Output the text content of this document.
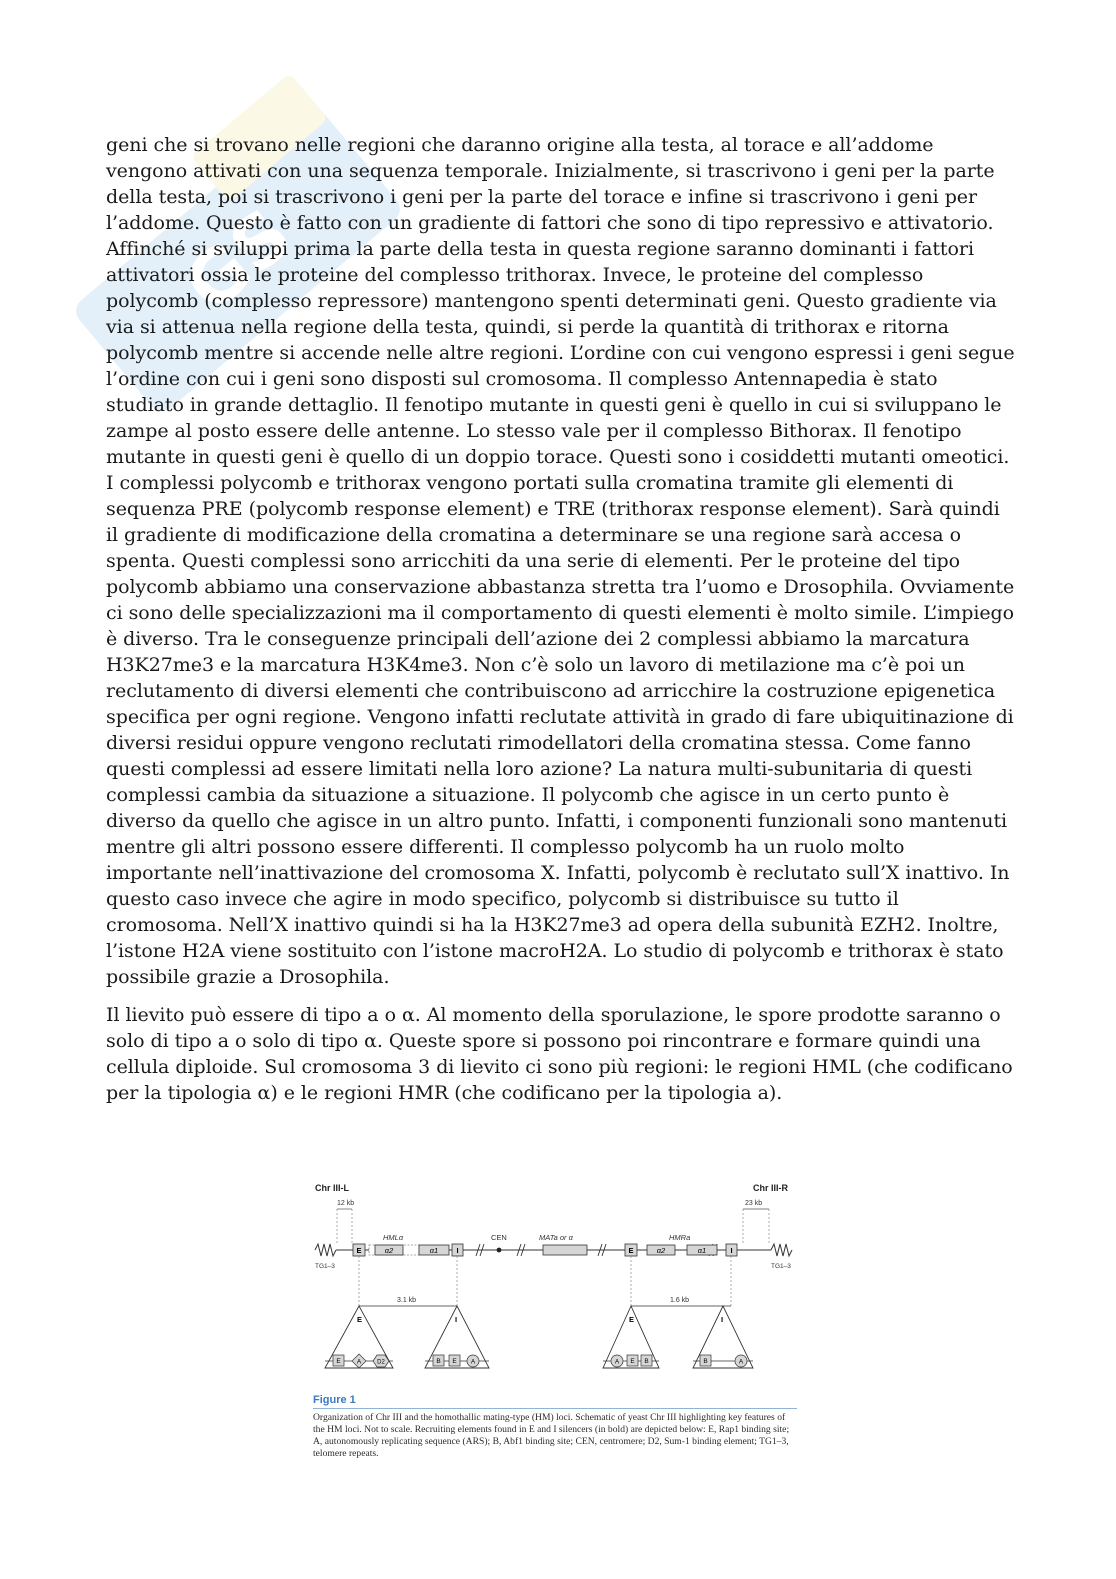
GS

geni che si trovano nelle regioni che daranno origine alla testa, al torace e all’addome vengono attivati con una sequenza temporale. Inizialmente, si trascrivono i geni per la parte della testa, poi si trascrivono i geni per la parte del torace e infine si trascrivono i geni per l’addome. Questo è fatto con un gradiente di fattori che sono di tipo repressivo e attivatorio. Affinché si sviluppi prima la parte della testa in questa regione saranno dominanti i fattori attivatori ossia le proteine del complesso trithorax. Invece, le proteine del complesso polycomb (complesso repressore) mantengono spenti determinati geni. Questo gradiente via via si attenua nella regione della testa, quindi, si perde la quantità di trithorax e ritorna polycomb mentre si accende nelle altre regioni. L’ordine con cui vengono espressi i geni segue l’ordine con cui i geni sono disposti sul cromosoma. Il complesso Antennapedia è stato studiato in grande dettaglio. Il fenotipo mutante in questi geni è quello in cui si sviluppano le zampe al posto essere delle antenne. Lo stesso vale per il complesso Bithorax. Il fenotipo mutante in questi geni è quello di un doppio torace. Questi sono i cosiddetti mutanti omeotici. I complessi polycomb e trithorax vengono portati sulla cromatina tramite gli elementi di sequenza PRE (polycomb response element) e TRE (trithorax response element). Sarà quindi il gradiente di modificazione della cromatina a determinare se una regione sarà accesa o spenta. Questi complessi sono arricchiti da una serie di elementi. Per le proteine del tipo polycomb abbiamo una conservazione abbastanza stretta tra l’uomo e Drosophila. Ovviamente ci sono delle specializzazioni ma il comportamento di questi elementi è molto simile. L’impiego è diverso. Tra le conseguenze principali dell’azione dei 2 complessi abbiamo la marcatura H3K27me3 e la marcatura H3K4me3. Non c’è solo un lavoro di metilazione ma c’è poi un reclutamento di diversi elementi che contribuiscono ad arricchire la costruzione epigenetica specifica per ogni regione. Vengono infatti reclutate attività in grado di fare ubiquitinazione di diversi residui oppure vengono reclutati rimodellatori della cromatina stessa. Come fanno questi complessi ad essere limitati nella loro azione? La natura multi-subunitaria di questi complessi cambia da situazione a situazione. Il polycomb che agisce in un certo punto è diverso da quello che agisce in un altro punto. Infatti, i componenti funzionali sono mantenuti mentre gli altri possono essere differenti. Il complesso polycomb ha un ruolo molto importante nell’inattivazione del cromosoma X. Infatti, polycomb è reclutato sull’X inattivo. In questo caso invece che agire in modo specifico, polycomb si distribuisce su tutto il cromosoma. Nell’X inattivo quindi si ha la H3K27me3 ad opera della subunità EZH2. Inoltre, l’istone H2A viene sostituito con l’istone macroH2A. Lo studio di polycomb e trithorax è stato possibile grazie a Drosophila.

Il lievito può essere di tipo a o α. Al momento della sporulazione, le spore prodotte saranno o solo di tipo a o solo di tipo α. Queste spore si possono poi rincontrare e formare quindi una cellula diploide. Sul cromosoma 3 di lievito ci sono più regioni: le regioni HML (che codificano per la tipologia α) e le regioni HMR (che codificano per la tipologia a).

Chr III-L	Chr III-R
12 kb	23 kb
HMLα	CEN	MATa or α	HMRa
E	α2	α1 I	E	α2	α1	I
TG1–3	TG1–3
3.1 kb	1.6 kb
E	I	E	I
E A	D2	B E A	A E B	B	A
Figure 1
Organization of Chr III and the homothallic mating-type (HM) loci. Schematic of yeast Chr III highlighting key features of the HM loci. Not to scale. Recruiting elements found in E and I silencers (in bold) are depicted below: E, Rap1 binding site; A, autonomously replicating sequence (ARS); B, Abf1 binding site; CEN, centromere; D2, Sum-1 binding element; TG1–3, telomere repeats.
